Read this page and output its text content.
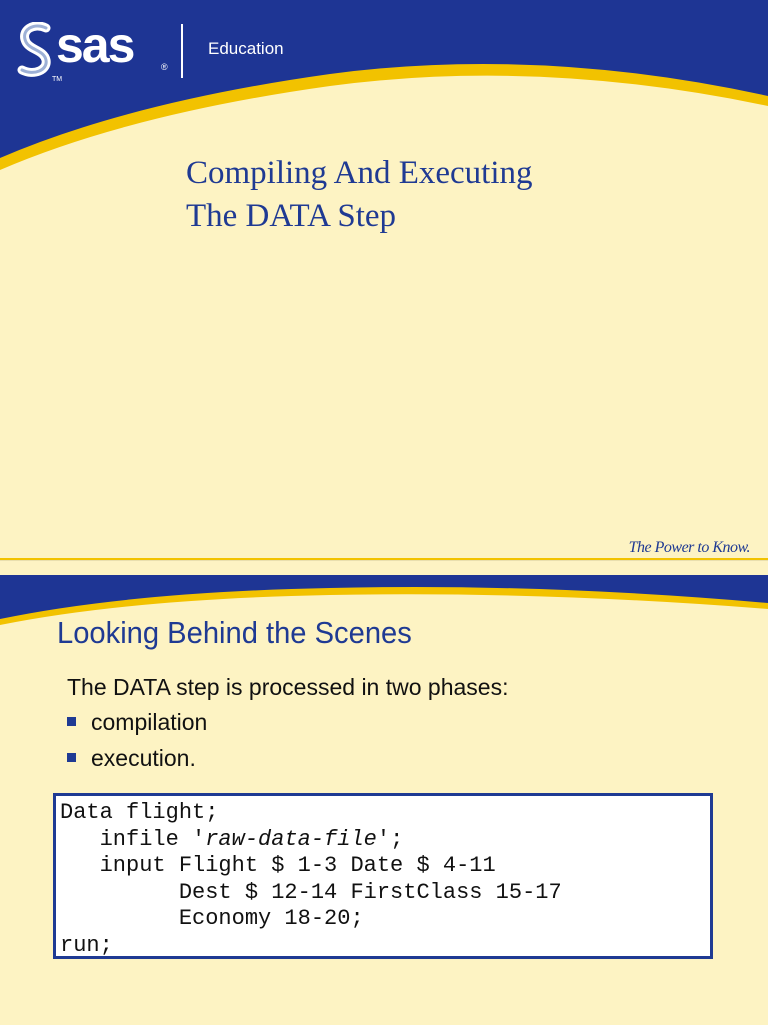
sas	®
TM
Education
Compiling And Executing
The DATA Step
The Power to Know.
Looking Behind the Scenes
The DATA step is processed in two phases:
compilation
execution.
Data flight;
infile 'raw-data-file';
input Flight $ 1-3 Date $ 4-11
Dest $ 12-14 FirstClass 15-17
Economy 18-20;
run;
